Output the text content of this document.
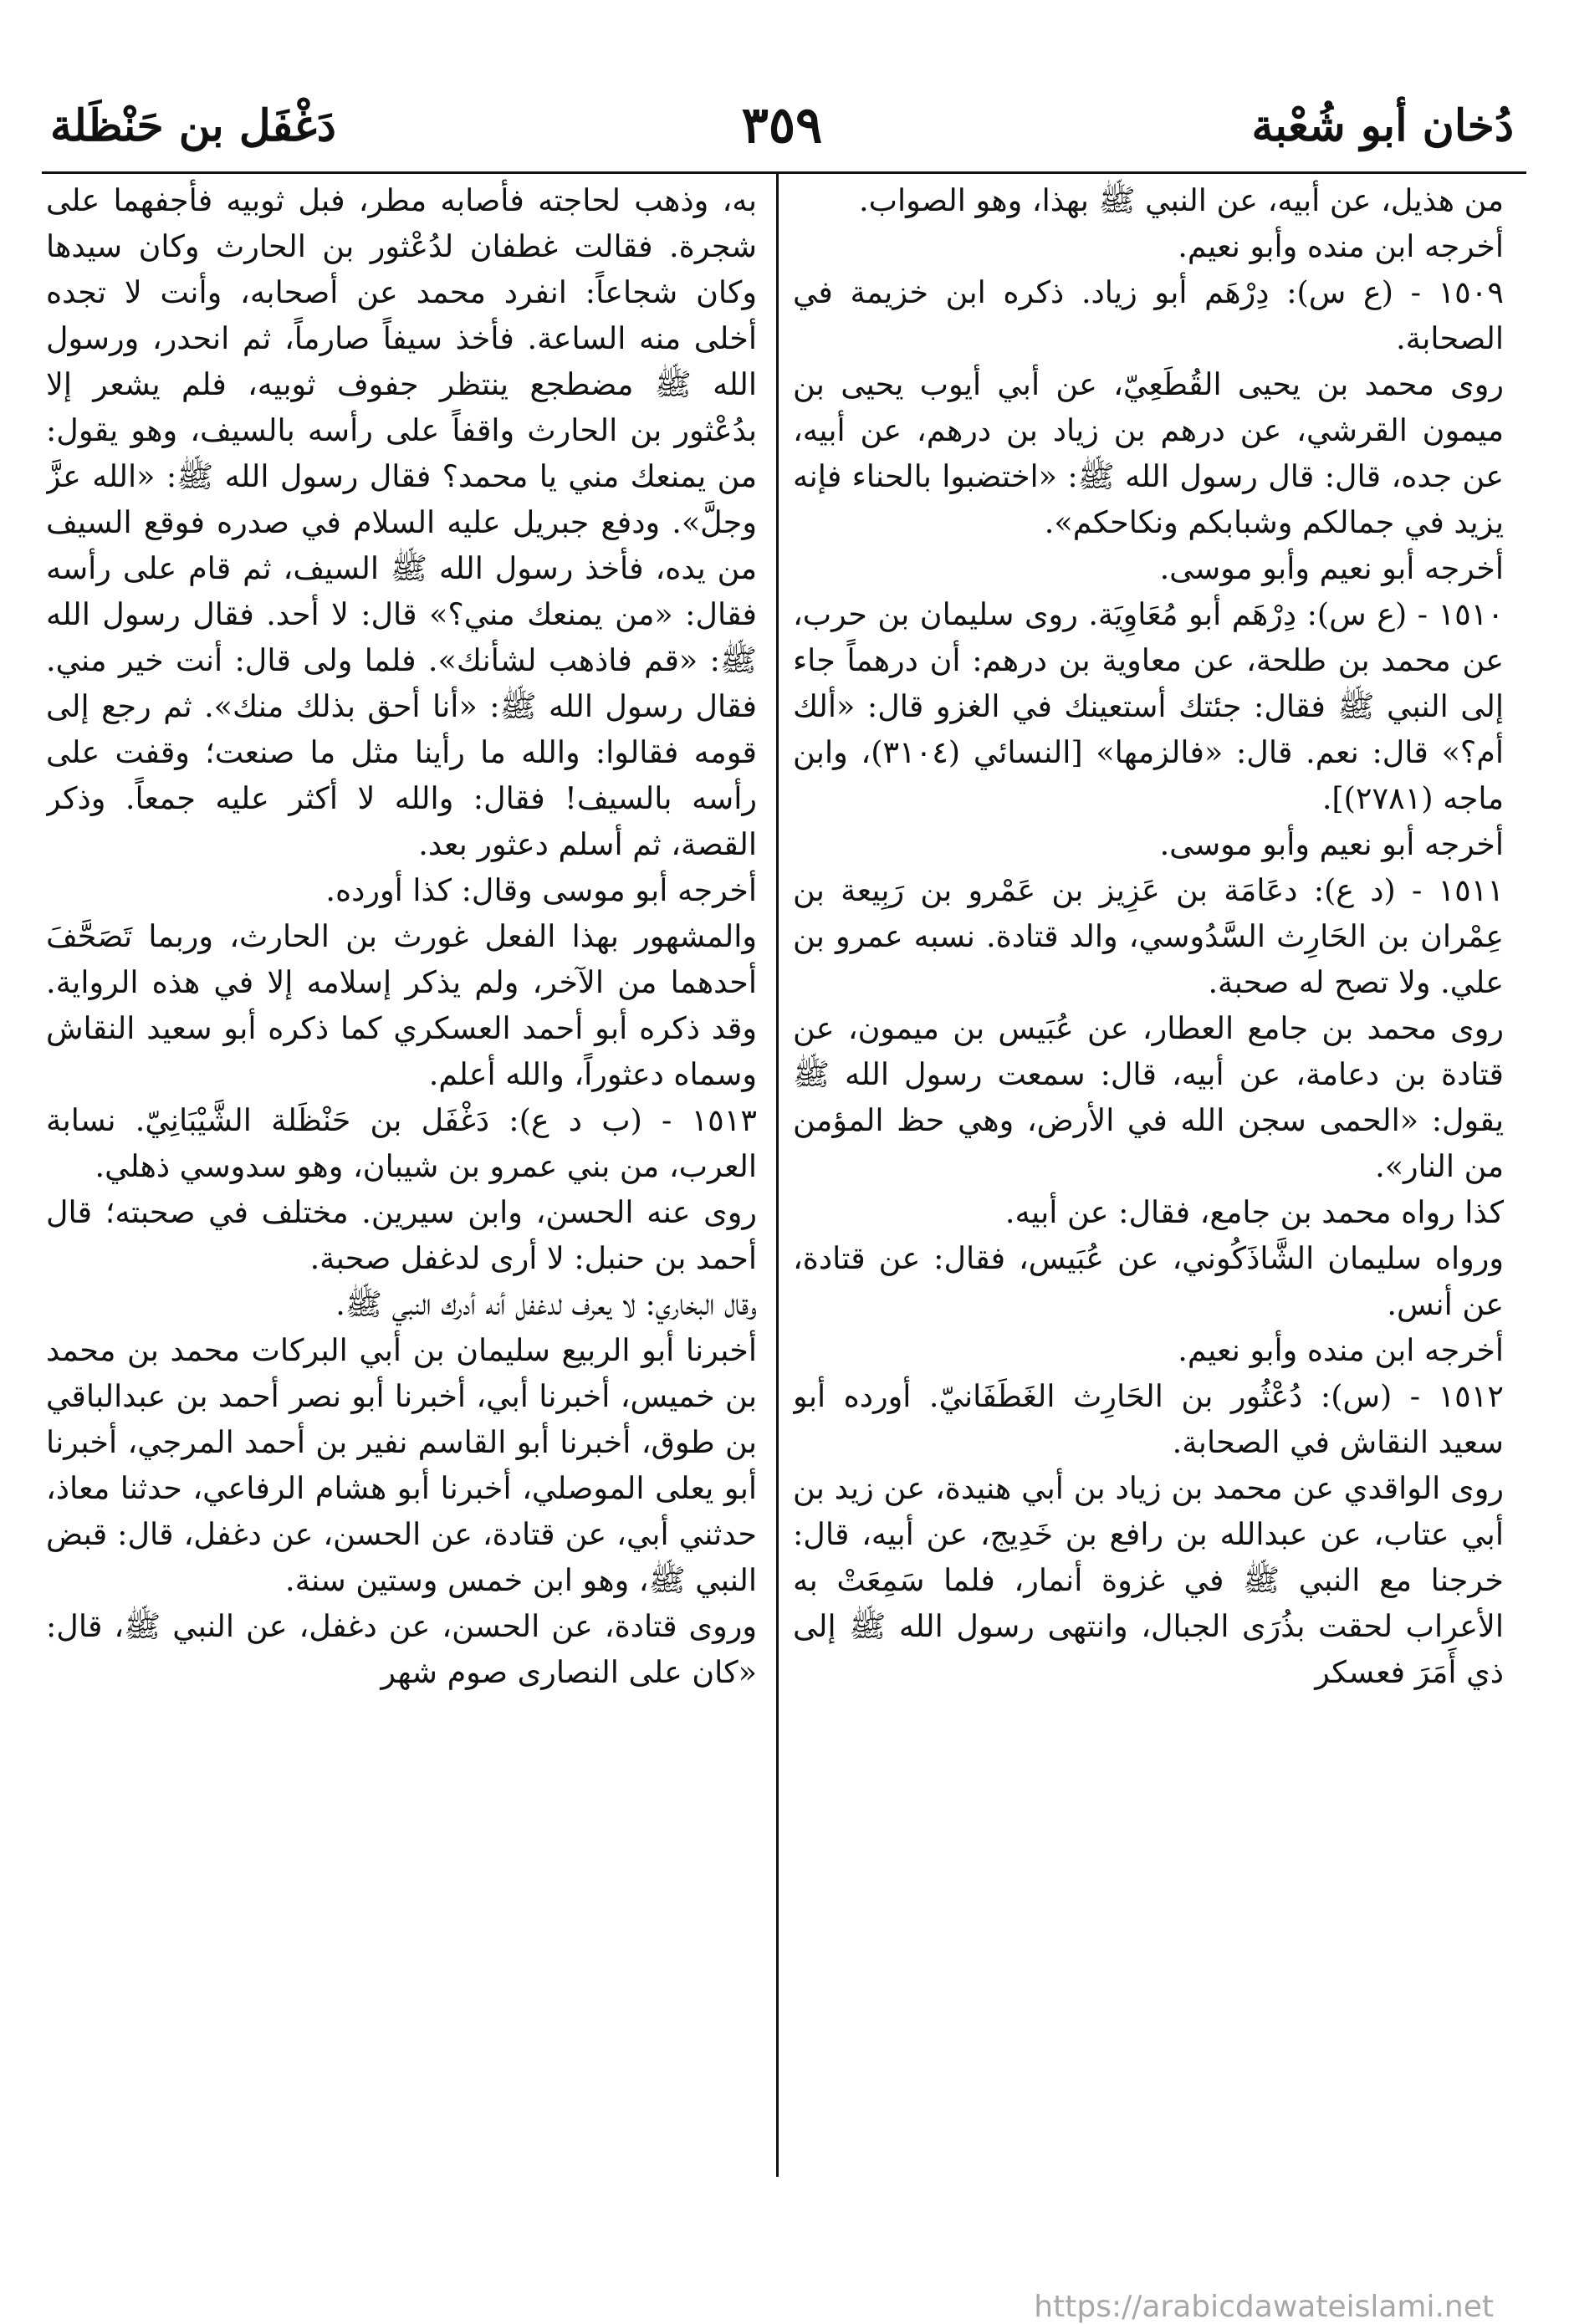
دُخان أبو شُعْبة
٣٥٩
دَغْفَل بن حَنْظَلة

من هذيل، عن أبيه، عن النبي ﷺ بهذا، وهو الصواب.

أخرجه ابن منده وأبو نعيم.

١٥٠٩ - (ع س): دِرْهَم أبو زياد. ذكره ابن خزيمة في الصحابة.

روى محمد بن يحيى القُطَعِيّ، عن أبي أيوب يحيى بن ميمون القرشي، عن درهم بن زياد بن درهم، عن أبيه، عن جده، قال: قال رسول الله ﷺ: «اختضبوا بالحناء فإنه يزيد في جمالكم وشبابكم ونكاحكم».

أخرجه أبو نعيم وأبو موسى.

١٥١٠ - (ع س): دِرْهَم أبو مُعَاوِيَة. روى سليمان بن حرب، عن محمد بن طلحة، عن معاوية بن درهم: أن درهماً جاء إلى النبي ﷺ فقال: جئتك أستعينك في الغزو قال: «ألك أم؟» قال: نعم. قال: «فالزمها» [النسائي (٣١٠٤)، وابن ماجه (٢٧٨١)].

أخرجه أبو نعيم وأبو موسى.

١٥١١ - (د ع): دعَامَة بن عَزِيز بن عَمْرو بن رَبِيعة بن عِمْران بن الحَارِث السَّدُوسي، والد قتادة. نسبه عمرو بن علي. ولا تصح له صحبة.

روى محمد بن جامع العطار، عن عُبَيس بن ميمون، عن قتادة بن دعامة، عن أبيه، قال: سمعت رسول الله ﷺ يقول: «الحمى سجن الله في الأرض، وهي حظ المؤمن من النار».

كذا رواه محمد بن جامع، فقال: عن أبيه.

ورواه سليمان الشَّاذَكُوني، عن عُبَيس، فقال: عن قتادة، عن أنس.

أخرجه ابن منده وأبو نعيم.

١٥١٢ - (س): دُعْثُور بن الحَارِث الغَطَفَانيّ. أورده أبو سعيد النقاش في الصحابة.

روى الواقدي عن محمد بن زياد بن أبي هنيدة، عن زيد بن أبي عتاب، عن عبدالله بن رافع بن خَدِيج، عن أبيه، قال: خرجنا مع النبي ﷺ في غزوة أنمار، فلما سَمِعَتْ به الأعراب لحقت بذُرَى الجبال، وانتهى رسول الله ﷺ إلى ذي أَمَرَ فعسكر

به، وذهب لحاجته فأصابه مطر، فبل ثوبيه فأجفهما على شجرة. فقالت غطفان لدُعْثور بن الحارث وكان سيدها وكان شجاعاً: انفرد محمد عن أصحابه، وأنت لا تجده أخلى منه الساعة. فأخذ سيفاً صارماً، ثم انحدر، ورسول الله ﷺ مضطجع ينتظر جفوف ثوبيه، فلم يشعر إلا بدُعْثور بن الحارث واقفاً على رأسه بالسيف، وهو يقول: من يمنعك مني يا محمد؟ فقال رسول الله ﷺ: «الله عزَّ وجلَّ». ودفع جبريل عليه السلام في صدره فوقع السيف من يده، فأخذ رسول الله ﷺ السيف، ثم قام على رأسه فقال: «من يمنعك مني؟» قال: لا أحد. فقال رسول الله ﷺ: «قم فاذهب لشأنك». فلما ولى قال: أنت خير مني. فقال رسول الله ﷺ: «أنا أحق بذلك منك». ثم رجع إلى قومه فقالوا: والله ما رأينا مثل ما صنعت؛ وقفت على رأسه بالسيف! فقال: والله لا أكثر عليه جمعاً. وذكر القصة، ثم أسلم دعثور بعد.

أخرجه أبو موسى وقال: كذا أورده.

والمشهور بهذا الفعل غورث بن الحارث، وربما تَصَحَّفَ أحدهما من الآخر، ولم يذكر إسلامه إلا في هذه الرواية. وقد ذكره أبو أحمد العسكري كما ذكره أبو سعيد النقاش وسماه دعثوراً، والله أعلم.

١٥١٣ - (ب د ع): دَغْفَل بن حَنْظَلة الشَّيْبَانِيّ. نسابة العرب، من بني عمرو بن شيبان، وهو سدوسي ذهلي.

روى عنه الحسن، وابن سيرين. مختلف في صحبته؛ قال أحمد بن حنبل: لا أرى لدغفل صحبة.

وقال البخاري: لا يعرف لدغفل أنه أدرك النبي ﷺ.

أخبرنا أبو الربيع سليمان بن أبي البركات محمد بن محمد بن خميس، أخبرنا أبي، أخبرنا أبو نصر أحمد بن عبدالباقي بن طوق، أخبرنا أبو القاسم نفير بن أحمد المرجي، أخبرنا أبو يعلى الموصلي، أخبرنا أبو هشام الرفاعي، حدثنا معاذ، حدثني أبي، عن قتادة، عن الحسن، عن دغفل، قال: قبض النبي ﷺ، وهو ابن خمس وستين سنة.

وروى قتادة، عن الحسن، عن دغفل، عن النبي ﷺ، قال: «كان على النصارى صوم شهر

https://arabicdawateislami.net
